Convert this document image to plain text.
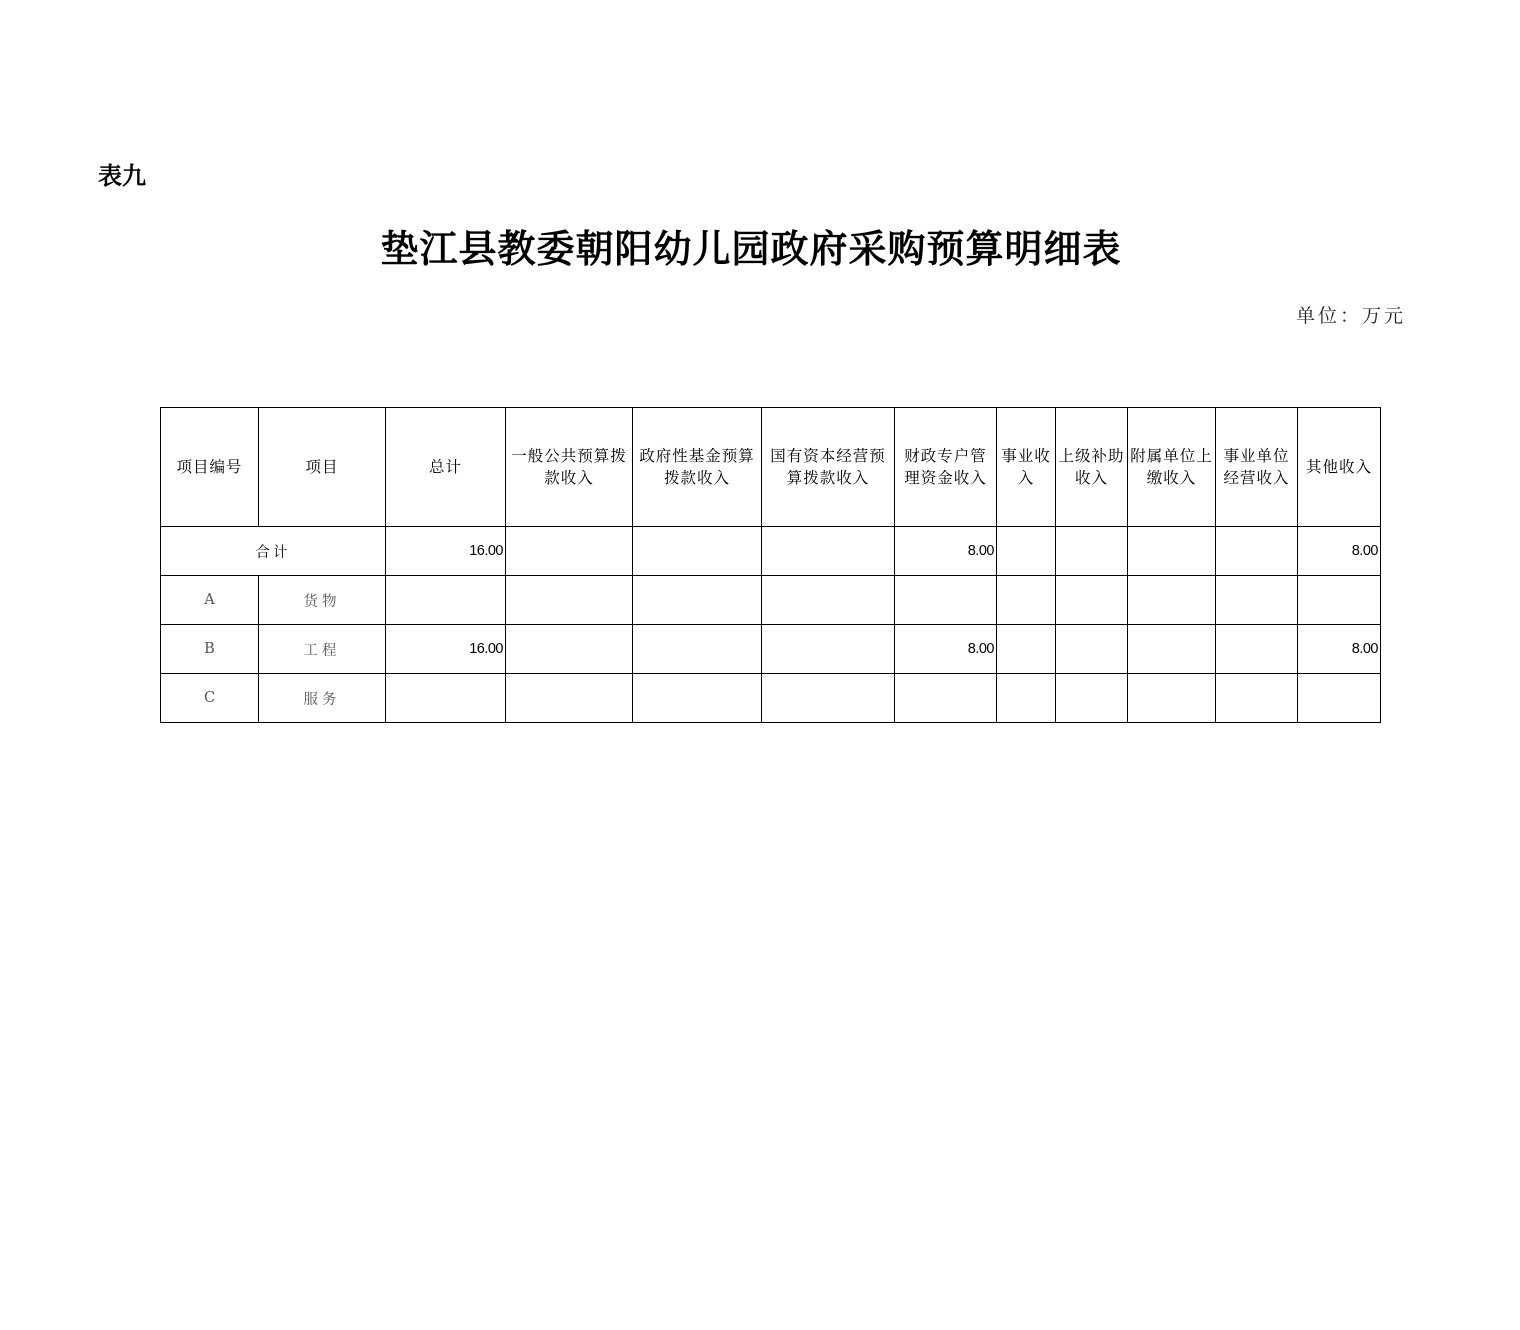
表九
垫江县教委朝阳幼儿园政府采购预算明细表
单位：万元
项目编号	项目	总计	一般公共预算拨款收入	政府性基金预算拨款收入	国有资本经营预算拨款收入	财政专户管理资金收入	事业收入	上级补助收入	附属单位上缴收入	事业单位经营收入	其他收入
合计		16.00				8.00					8.00
A	货物										
B	工程	16.00				8.00					8.00
C	服务										
